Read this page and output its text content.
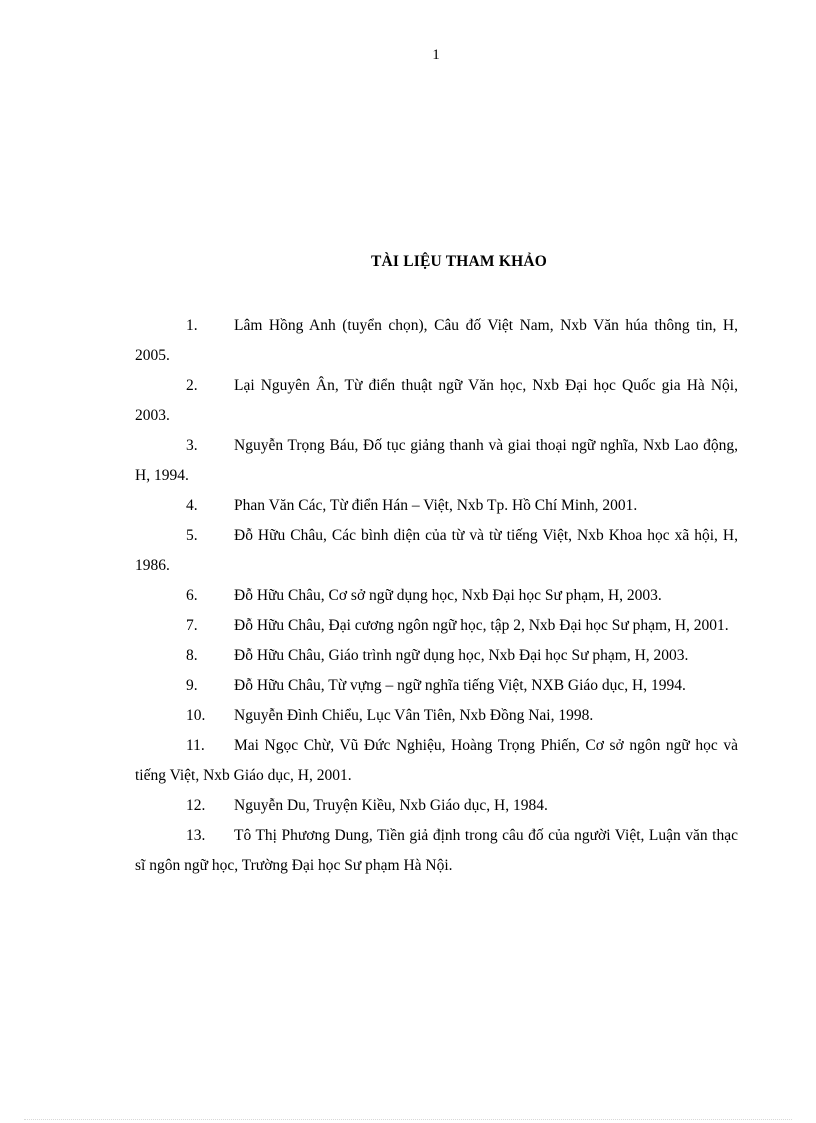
1
TÀI LIỆU THAM KHẢO
1. Lâm Hồng Anh (tuyển chọn), Câu đố Việt Nam, Nxb Văn húa thông tin, H, 2005.
2. Lại Nguyên Ân, Từ điển thuật ngữ Văn học, Nxb Đại học Quốc gia Hà Nội, 2003.
3. Nguyễn Trọng Báu, Đố tục giảng thanh và giai thoại ngữ nghĩa, Nxb Lao động, H, 1994.
4. Phan Văn Các, Từ điển Hán – Việt, Nxb Tp. Hồ Chí Minh, 2001.
5. Đỗ Hữu Châu, Các bình diện của từ và từ tiếng Việt, Nxb Khoa học xã hội, H, 1986.
6. Đỗ Hữu Châu, Cơ sở ngữ dụng học, Nxb Đại học Sư phạm, H, 2003.
7. Đỗ Hữu Châu, Đại cương ngôn ngữ học, tập 2, Nxb Đại học Sư phạm, H, 2001.
8. Đỗ Hữu Châu, Giáo trình ngữ dụng học, Nxb Đại học Sư phạm, H, 2003.
9. Đỗ Hữu Châu, Từ vựng – ngữ nghĩa tiếng Việt, NXB Giáo dục, H, 1994.
10. Nguyễn Đình Chiểu, Lục Vân Tiên, Nxb Đồng Nai, 1998.
11. Mai Ngọc Chừ, Vũ Đức Nghiệu, Hoàng Trọng Phiến, Cơ sở ngôn ngữ học và tiếng Việt, Nxb Giáo dục, H, 2001.
12. Nguyễn Du, Truyện Kiều, Nxb Giáo dục, H, 1984.
13. Tô Thị Phương Dung, Tiền giả định trong câu đố của người Việt, Luận văn thạc sĩ ngôn ngữ học, Trường Đại học Sư phạm Hà Nội.
